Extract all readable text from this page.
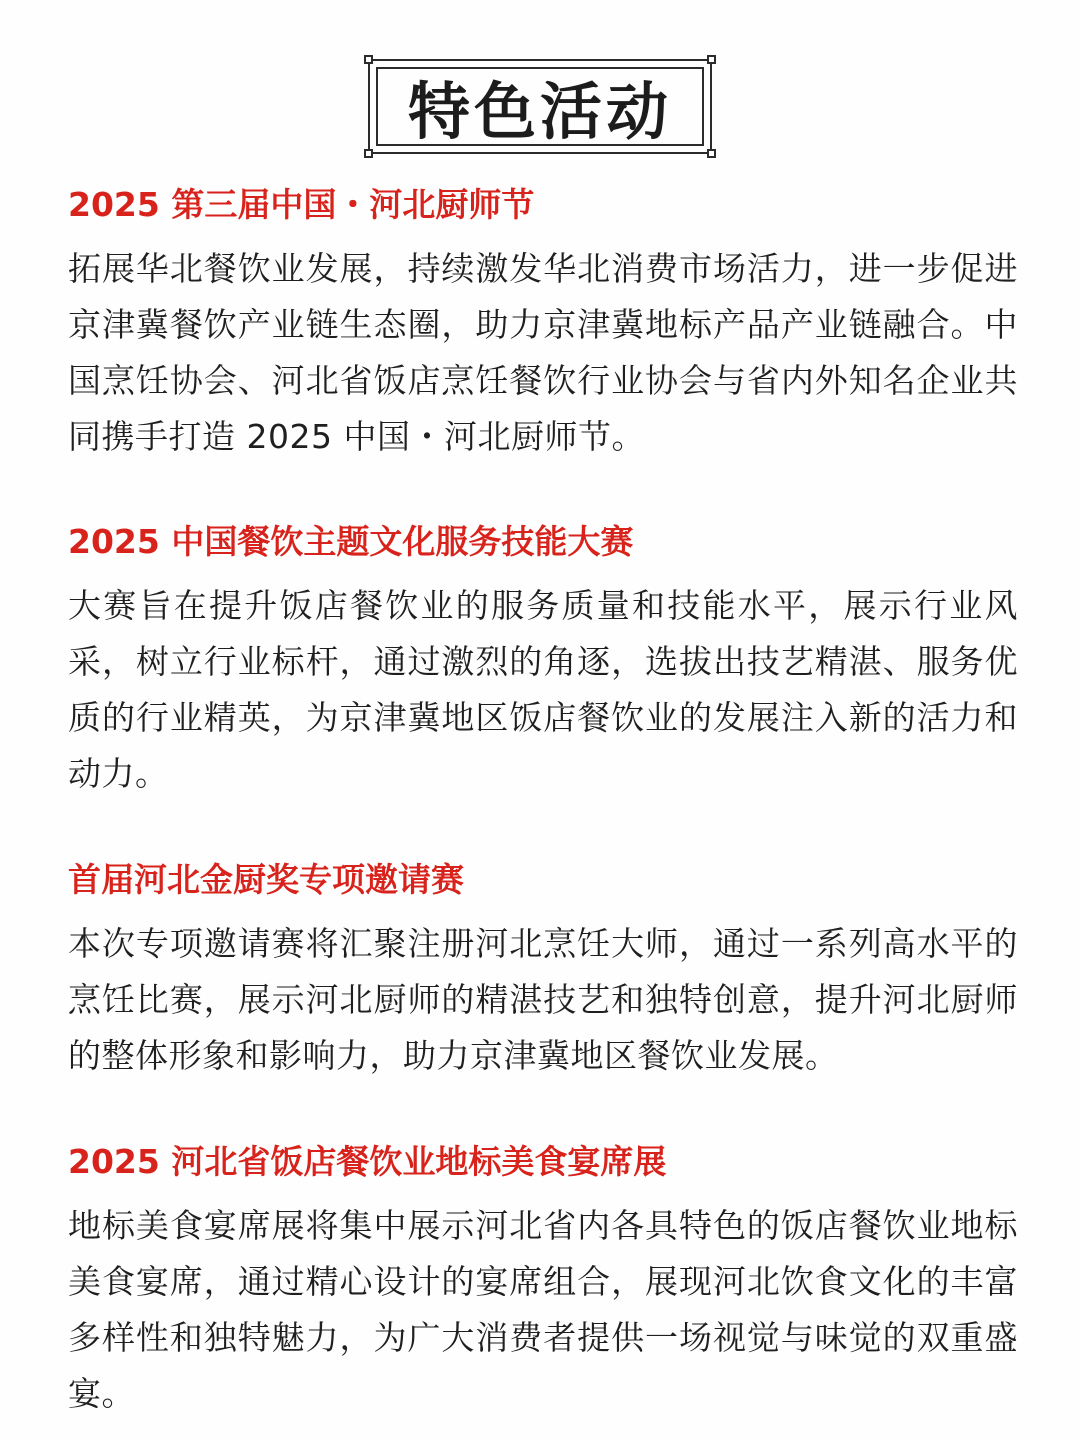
特色活动
2025 第三届中国・河北厨师节
拓展华北餐饮业发展，持续激发华北消费市场活力，进一步促进京津冀餐饮产业链生态圈，助力京津冀地标产品产业链融合。中国烹饪协会、河北省饭店烹饪餐饮行业协会与省内外知名企业共同携手打造 2025 中国・河北厨师节。
2025 中国餐饮主题文化服务技能大赛
大赛旨在提升饭店餐饮业的服务质量和技能水平，展示行业风采，树立行业标杆，通过激烈的角逐，选拔出技艺精湛、服务优质的行业精英，为京津冀地区饭店餐饮业的发展注入新的活力和动力。
首届河北金厨奖专项邀请赛
本次专项邀请赛将汇聚注册河北烹饪大师，通过一系列高水平的烹饪比赛，展示河北厨师的精湛技艺和独特创意，提升河北厨师的整体形象和影响力，助力京津冀地区餐饮业发展。
2025 河北省饭店餐饮业地标美食宴席展
地标美食宴席展将集中展示河北省内各具特色的饭店餐饮业地标美食宴席，通过精心设计的宴席组合，展现河北饮食文化的丰富多样性和独特魅力，为广大消费者提供一场视觉与味觉的双重盛宴。
